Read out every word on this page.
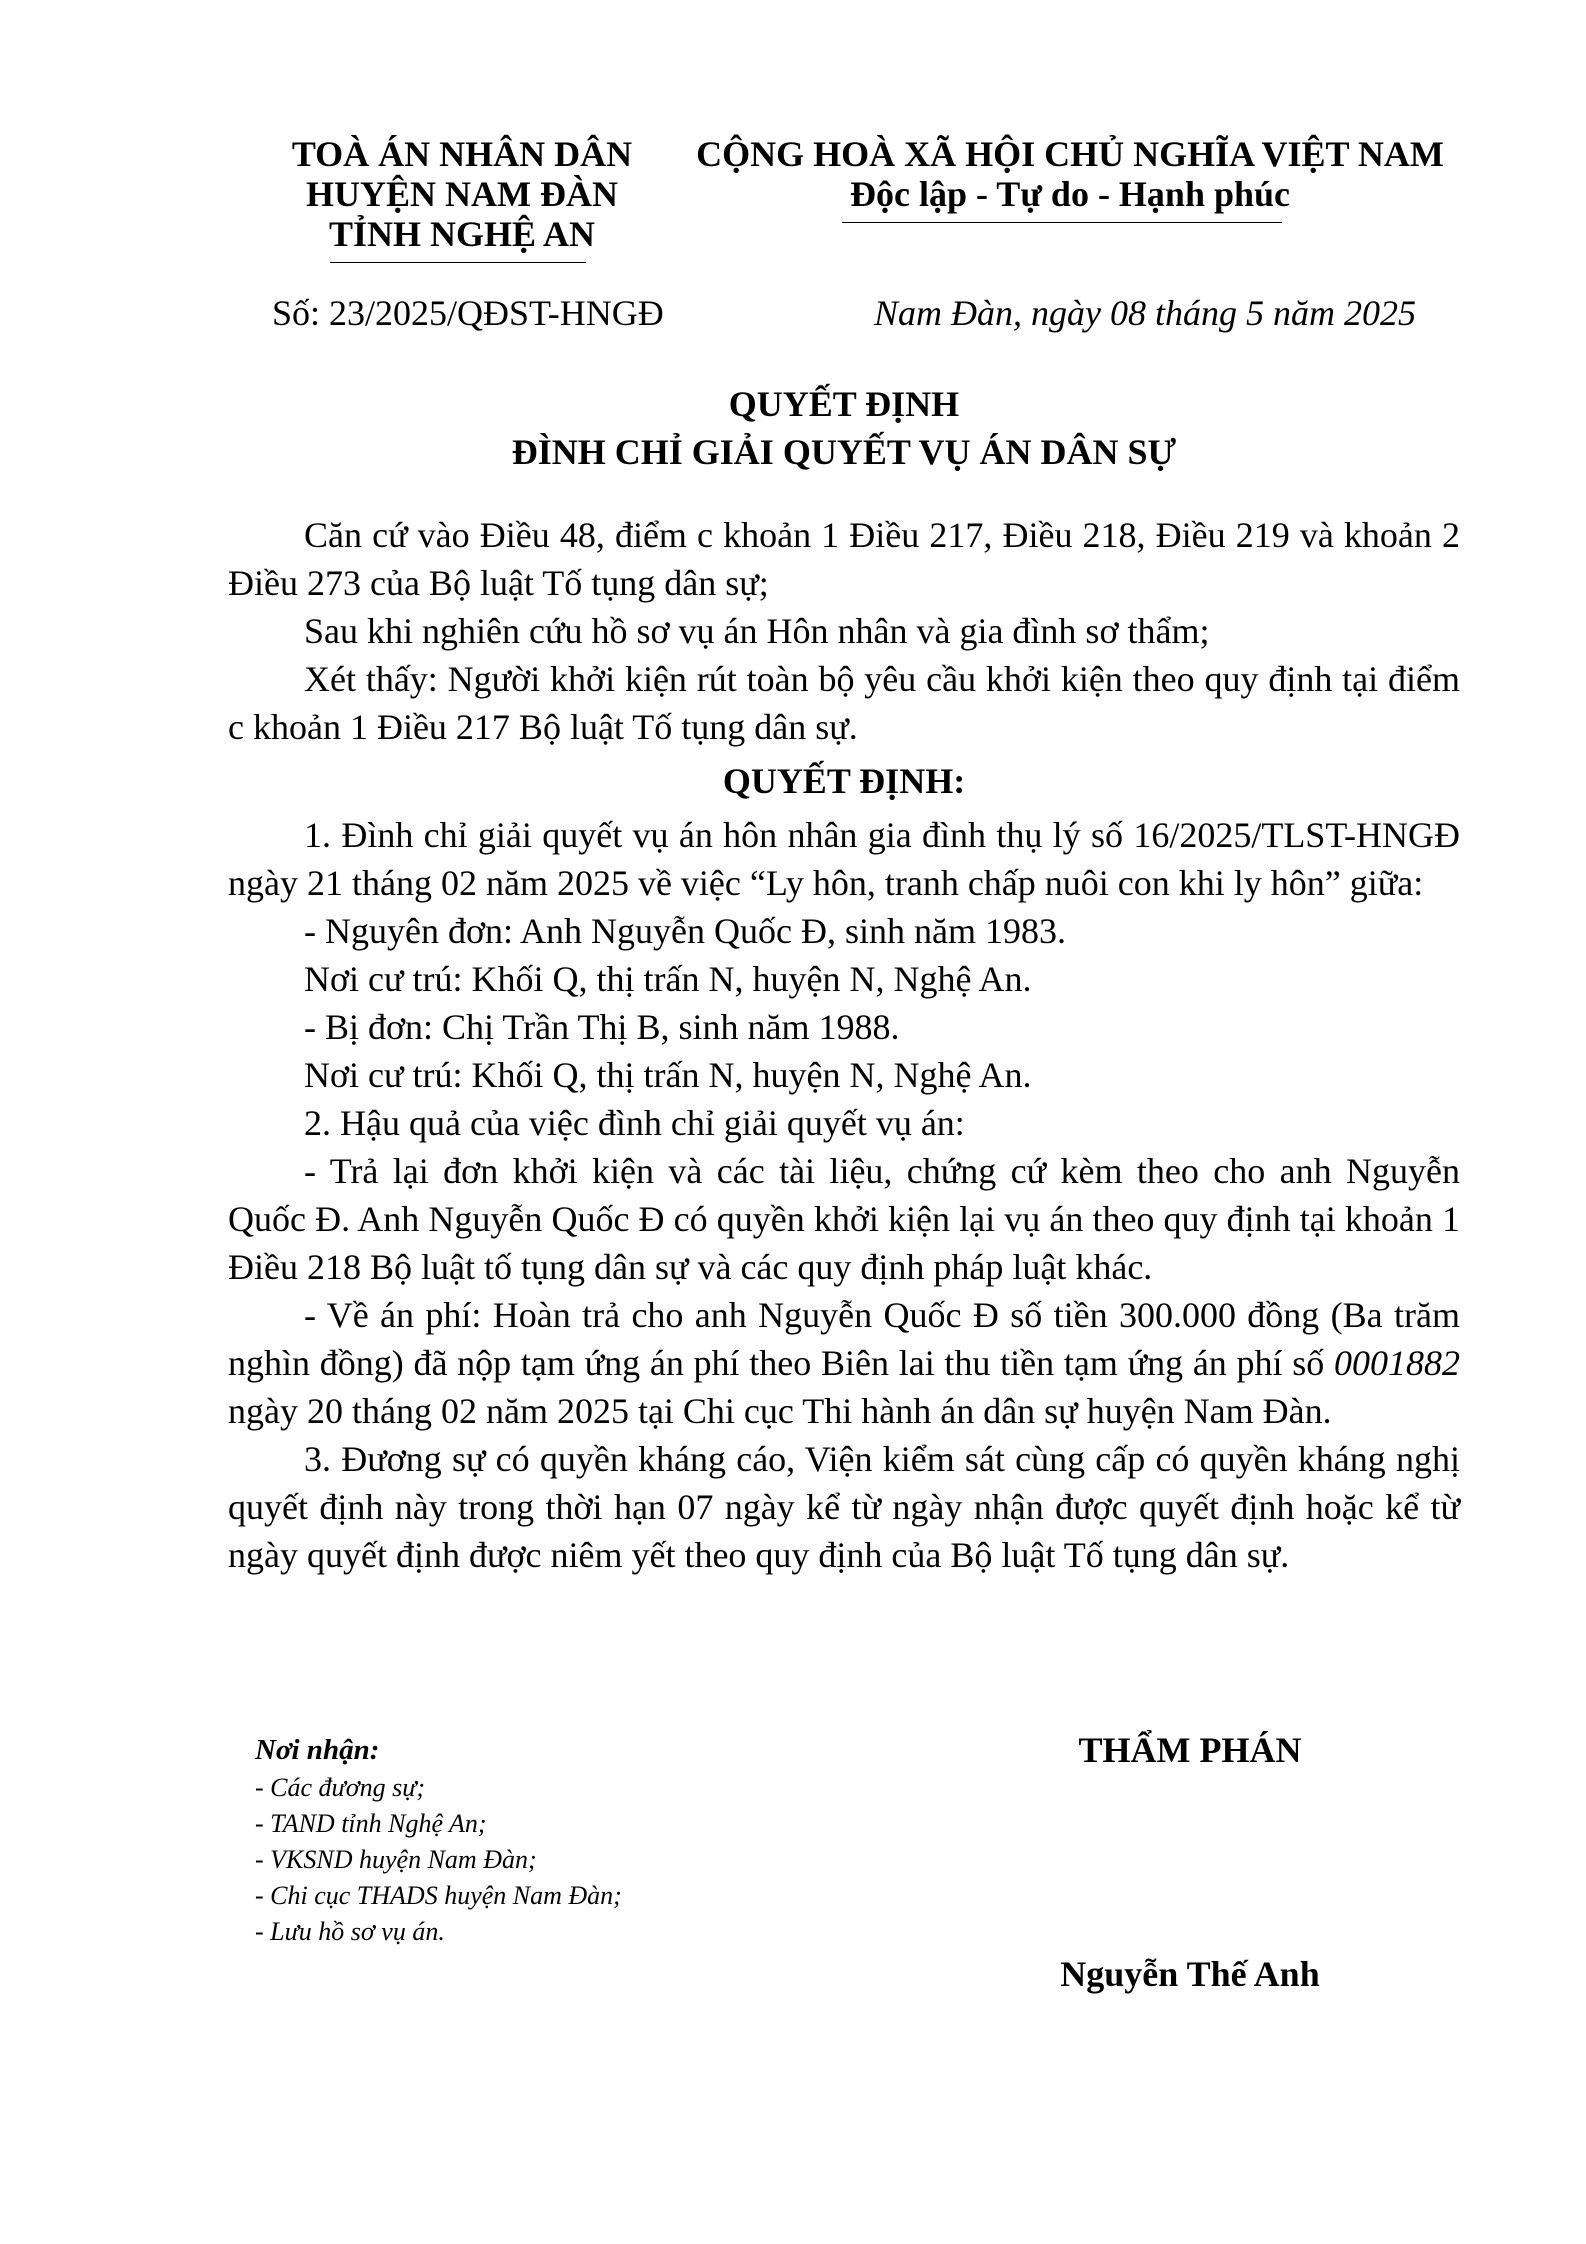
TOÀ ÁN NHÂN DÂN
HUYỆN NAM ĐÀN
TỈNH NGHỆ AN
CỘNG HOÀ XÃ HỘI CHỦ NGHĨA VIỆT NAM
Độc lập - Tự do - Hạnh phúc
Số: 23/2025/QĐST-HNGĐ	Nam Đàn, ngày 08 tháng 5 năm 2025
QUYẾT ĐỊNH
ĐÌNH CHỈ GIẢI QUYẾT VỤ ÁN DÂN SỰ

Căn cứ vào Điều 48, điểm c khoản 1 Điều 217, Điều 218, Điều 219 và khoản 2 Điều 273 của Bộ luật Tố tụng dân sự;

Sau khi nghiên cứu hồ sơ vụ án Hôn nhân và gia đình sơ thẩm;

Xét thấy: Người khởi kiện rút toàn bộ yêu cầu khởi kiện theo quy định tại điểm c khoản 1 Điều 217 Bộ luật Tố tụng dân sự.

QUYẾT ĐỊNH:

1. Đình chỉ giải quyết vụ án hôn nhân gia đình thụ lý số 16/2025/TLST-HNGĐ ngày 21 tháng 02 năm 2025 về việc “Ly hôn, tranh chấp nuôi con khi ly hôn” giữa:

- Nguyên đơn: Anh Nguyễn Quốc Đ, sinh năm 1983.

Nơi cư trú: Khối Q, thị trấn N, huyện N, Nghệ An.

- Bị đơn: Chị Trần Thị B, sinh năm 1988.

Nơi cư trú: Khối Q, thị trấn N, huyện N, Nghệ An.

2. Hậu quả của việc đình chỉ giải quyết vụ án:

- Trả lại đơn khởi kiện và các tài liệu, chứng cứ kèm theo cho anh Nguyễn Quốc Đ. Anh Nguyễn Quốc Đ có quyền khởi kiện lại vụ án theo quy định tại khoản 1 Điều 218 Bộ luật tố tụng dân sự và các quy định pháp luật khác.

- Về án phí: Hoàn trả cho anh Nguyễn Quốc Đ số tiền 300.000 đồng (Ba trăm nghìn đồng) đã nộp tạm ứng án phí theo Biên lai thu tiền tạm ứng án phí số 0001882 ngày 20 tháng 02 năm 2025 tại Chi cục Thi hành án dân sự huyện Nam Đàn.

3. Đương sự có quyền kháng cáo, Viện kiểm sát cùng cấp có quyền kháng nghị quyết định này trong thời hạn 07 ngày kể từ ngày nhận được quyết định hoặc kể từ ngày quyết định được niêm yết theo quy định của Bộ luật Tố tụng dân sự.

Nơi nhận:
- Các đương sự;
- TAND tỉnh Nghệ An;
- VKSND huyện Nam Đàn;
- Chi cục THADS huyện Nam Đàn;
- Lưu hồ sơ vụ án.
THẨM PHÁN
Nguyễn Thế Anh
